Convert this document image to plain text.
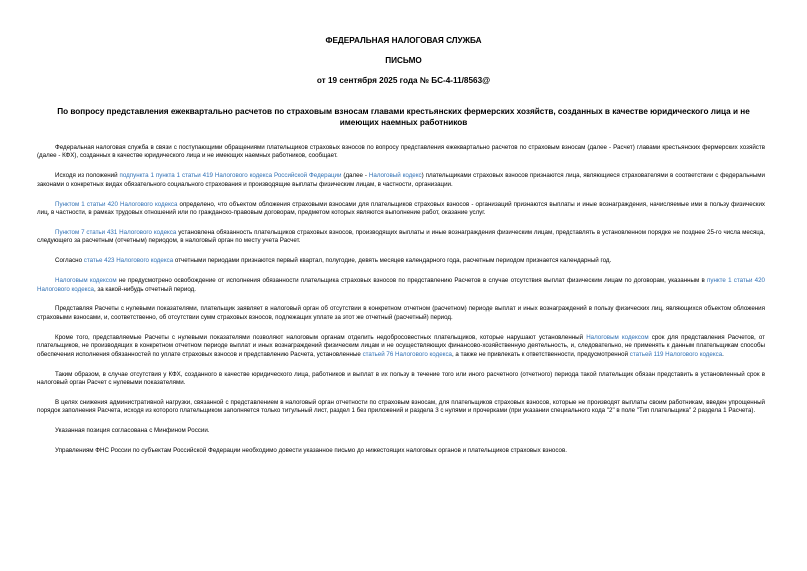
ФЕДЕРАЛЬНАЯ НАЛОГОВАЯ СЛУЖБА
ПИСЬМО
от 19 сентября 2025 года № БС-4-11/8563@
По вопросу представления ежеквартально расчетов по страховым взносам главами крестьянских фермерских хозяйств, созданных в качестве юридического лица и не имеющих наемных работников

Федеральная налоговая служба в связи с поступающими обращениями плательщиков страховых взносов по вопросу представления ежеквартально расчетов по страховым взносам (далее - Расчет) главами крестьянских фермерских хозяйств (далее - КФХ), созданных в качестве юридического лица и не имеющих наемных работников, сообщает.

Исходя из положений подпункта 1 пункта 1 статьи 419 Налогового кодекса Российской Федерации (далее - Налоговый кодекс) плательщиками страховых взносов признаются лица, являющиеся страхователями в соответствии с федеральными законами о конкретных видах обязательного социального страхования и производящие выплаты физическим лицам, в частности, организации.

Пунктом 1 статьи 420 Налогового кодекса определено, что объектом обложения страховыми взносами для плательщиков страховых взносов - организаций признаются выплаты и иные вознаграждения, начисляемые ими в пользу физических лиц, в частности, в рамках трудовых отношений или по гражданско-правовым договорам, предметом которых являются выполнение работ, оказание услуг.

Пунктом 7 статьи 431 Налогового кодекса установлена обязанность плательщиков страховых взносов, производящих выплаты и иные вознаграждения физическим лицам, представлять в установленном порядке не позднее 25-го числа месяца, следующего за расчетным (отчетным) периодом, в налоговый орган по месту учета Расчет.

Согласно статье 423 Налогового кодекса отчетными периодами признаются первый квартал, полугодие, девять месяцев календарного года, расчетным периодом признается календарный год.

Налоговым кодексом не предусмотрено освобождение от исполнения обязанности плательщика страховых взносов по представлению Расчетов в случае отсутствия выплат физическим лицам по договорам, указанным в пункте 1 статьи 420 Налогового кодекса, за какой-нибудь отчетный период.

Представляя Расчеты с нулевыми показателями, плательщик заявляет в налоговый орган об отсутствии в конкретном отчетном (расчетном) периоде выплат и иных вознаграждений в пользу физических лиц, являющихся объектом обложения страховыми взносами, и, соответственно, об отсутствии сумм страховых взносов, подлежащих уплате за этот же отчетный (расчетный) период.

Кроме того, представляемые Расчеты с нулевыми показателями позволяют налоговым органам отделить недобросовестных плательщиков, которые нарушают установленный Налоговым кодексом срок для представления Расчетов, от плательщиков, не производящих в конкретном отчетном периоде выплат и иных вознаграждений физическим лицам и не осуществляющих финансово-хозяйственную деятельность, и, следовательно, не применять к данным плательщикам способы обеспечения исполнения обязанностей по уплате страховых взносов и представлению Расчета, установленные статьей 76 Налогового кодекса, а также не привлекать к ответственности, предусмотренной статьей 119 Налогового кодекса.

Таким образом, в случае отсутствия у КФХ, созданного в качестве юридического лица, работников и выплат в их пользу в течение того или иного расчетного (отчетного) периода такой плательщик обязан представить в установленный срок в налоговый орган Расчет с нулевыми показателями.

В целях снижения административной нагрузки, связанной с представлением в налоговый орган отчетности по страховым взносам, для плательщиков страховых взносов, которые не производят выплаты своим работникам, введен упрощенный порядок заполнения Расчета, исходя из которого плательщиком заполняется только титульный лист, раздел 1 без приложений и раздела 3 с нулями и прочерками (при указании специального кода "2" в поле "Тип плательщика" 2 раздела 1 Расчета).

Указанная позиция согласована с Минфином России.

Управлениям ФНС России по субъектам Российской Федерации необходимо довести указанное письмо до нижестоящих налоговых органов и плательщиков страховых взносов.
